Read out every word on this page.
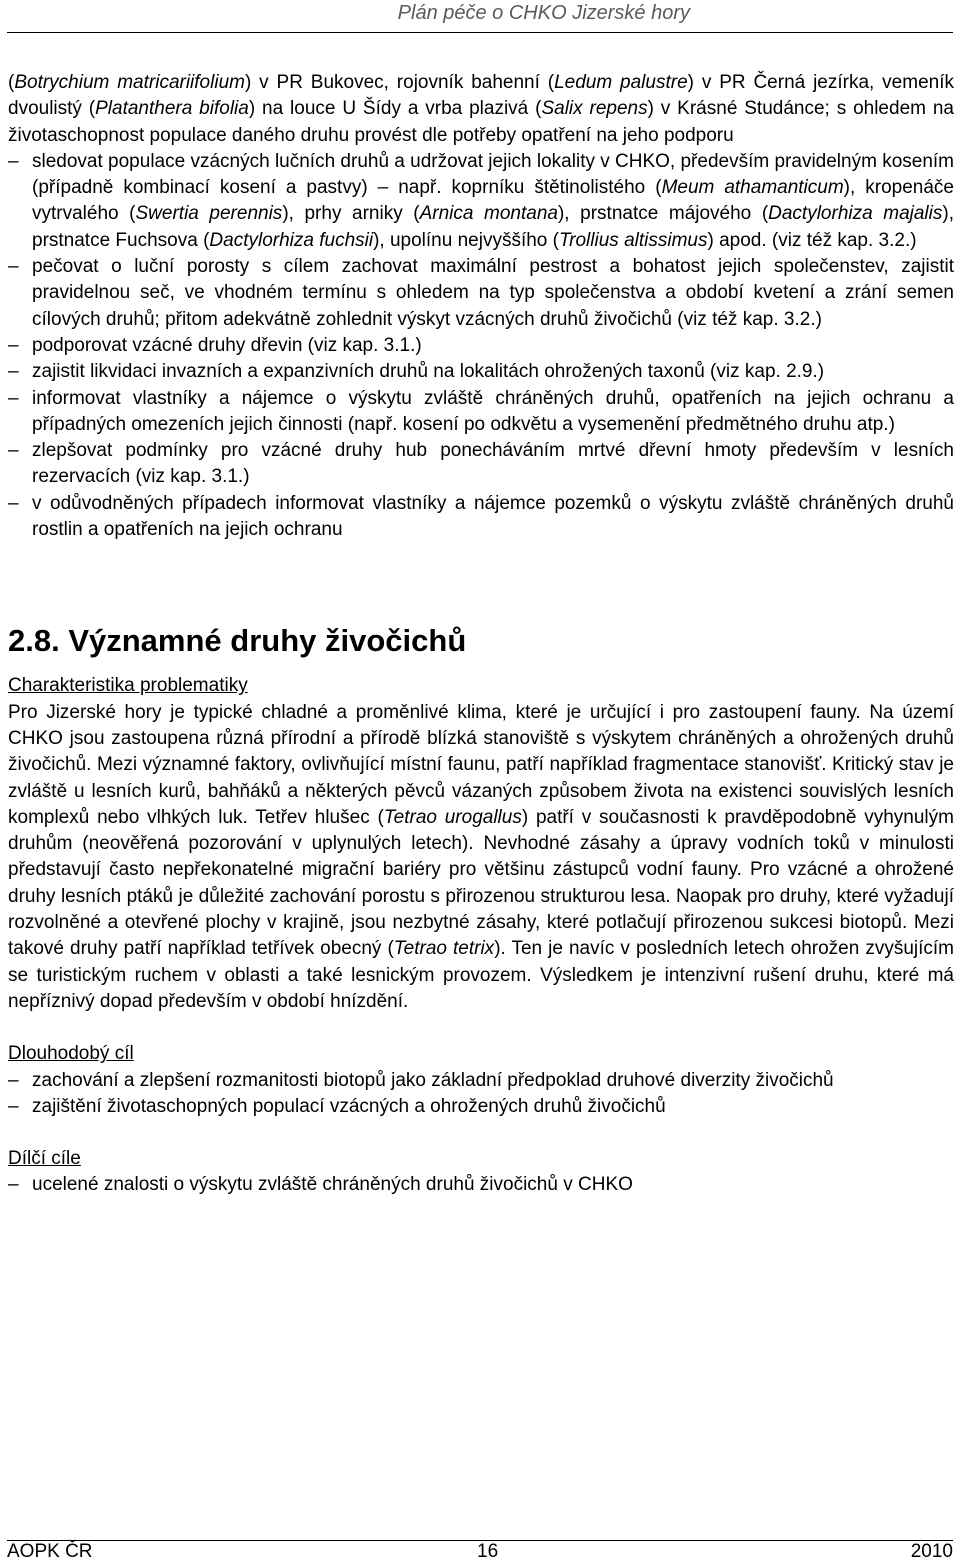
Plán péče o CHKO Jizerské hory

(Botrychium matricariifolium) v PR Bukovec, rojovník bahenní (Ledum palustre) v PR Černá jezírka, vemeník dvoulistý (Platanthera bifolia) na louce U Šídy a vrba plazivá (Salix repens) v Krásné Studánce; s ohledem na životaschopnost populace daného druhu provést dle potřeby opatření na jeho podporu

– sledovat populace vzácných lučních druhů a udržovat jejich lokality v CHKO, především pravidelným kosením (případně kombinací kosení a pastvy) – např. koprníku štětinolistého (Meum athamanticum), kropenáče vytrvalého (Swertia perennis), prhy arniky (Arnica montana), prstnatce májového (Dactylorhiza majalis), prstnatce Fuchsova (Dactylorhiza fuchsii), upolínu nejvyššího (Trollius altissimus) apod. (viz též kap. 3.2.)
– pečovat o luční porosty s cílem zachovat maximální pestrost a bohatost jejich společenstev, zajistit pravidelnou seč, ve vhodném termínu s ohledem na typ společenstva a období kvetení a zrání semen cílových druhů; přitom adekvátně zohlednit výskyt vzácných druhů živočichů (viz též kap. 3.2.)
– podporovat vzácné druhy dřevin (viz kap. 3.1.)
– zajistit likvidaci invazních a expanzivních druhů na lokalitách ohrožených taxonů (viz kap. 2.9.)
– informovat vlastníky a nájemce o výskytu zvláště chráněných druhů, opatřeních na jejich ochranu a případných omezeních jejich činnosti (např. kosení po odkvětu a vysemenění předmětného druhu atp.)
– zlepšovat podmínky pro vzácné druhy hub ponecháváním mrtvé dřevní hmoty především v lesních rezervacích (viz kap. 3.1.)
– v odůvodněných případech informovat vlastníky a nájemce pozemků o výskytu zvláště chráněných druhů rostlin a opatřeních na jejich ochranu
2.8. Významné druhy živočichů

Charakteristika problematiky

Pro Jizerské hory je typické chladné a proměnlivé klima, které je určující i pro zastoupení fauny. Na území CHKO jsou zastoupena různá přírodní a přírodě blízká stanoviště s výskytem chráněných a ohrožených druhů živočichů. Mezi významné faktory, ovlivňující místní faunu, patří například fragmentace stanovišť. Kritický stav je zvláště u lesních kurů, bahňáků a některých pěvců vázaných způsobem života na existenci souvislých lesních komplexů nebo vlhkých luk. Tetřev hlušec (Tetrao urogallus) patří v současnosti k pravděpodobně vyhynulým druhům (neověřená pozorování v uplynulých letech). Nevhodné zásahy a úpravy vodních toků v minulosti představují často nepřekonatelné migrační bariéry pro většinu zástupců vodní fauny. Pro vzácné a ohrožené druhy lesních ptáků je důležité zachování porostu s přirozenou strukturou lesa. Naopak pro druhy, které vyžadují rozvolněné a otevřené plochy v krajině, jsou nezbytné zásahy, které potlačují přirozenou sukcesi biotopů. Mezi takové druhy patří například tetřívek obecný (Tetrao tetrix). Ten je navíc v posledních letech ohrožen zvyšujícím se turistickým ruchem v oblasti a také lesnickým provozem. Výsledkem je intenzivní rušení druhu, které má nepříznivý dopad především v období hnízdění.

Dlouhodobý cíl

– zachování a zlepšení rozmanitosti biotopů jako základní předpoklad druhové diverzity živočichů
– zajištění životaschopných populací vzácných a ohrožených druhů živočichů

Dílčí cíle

– ucelené znalosti o výskytu zvláště chráněných druhů živočichů v CHKO
AOPK ČR	16	2010
